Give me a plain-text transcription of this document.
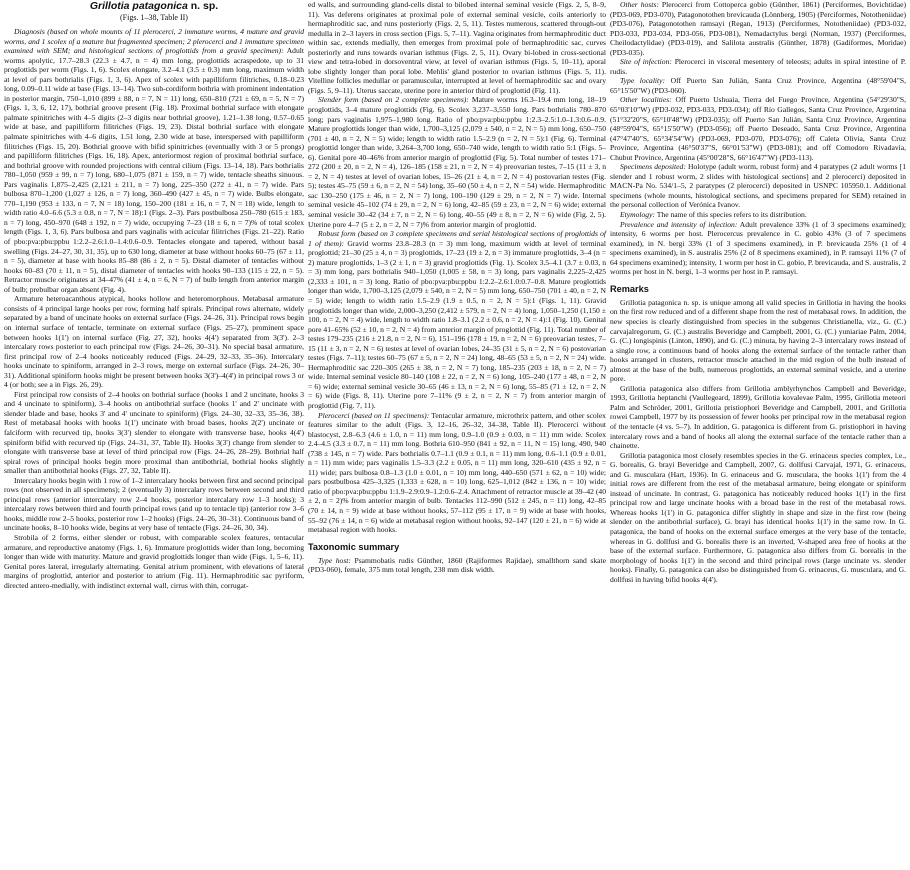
Grillotia patagonica n. sp.
(Figs. 1–38, Table II)

Diagnosis (based on whole mounts of 11 plerocerci, 2 immature worms, 4 mature and gravid worms, and 1 scolex of a mature but fragmented specimen; 2 plerocerci and 1 immature specimen examined with SEM; and histological sections of proglottids from a gravid specimen): Adult worms apolytic, 17.7–28.3 (22.3 ± 4.7, n = 4) mm long, proglottids acraspedote, up to 31 proglottids per worm (Figs. 1, 6). Scolex elongate, 3.2–4.1 (3.5 ± 0.3) mm long, maximum width at level of pars bothrialis (Figs. 1, 3, 6). Apex of scolex with papilliform filitriches, 0.18–0.23 long, 0.09–0.11 wide at base (Figs. 13–14). Two sub-cordiform bothria with prominent indentation in posterior margin, 750–1,010 (899 ± 88, n = 7, N = 11) long, 650–810 (721 ± 69, n = 5, N = 7) (Figs. 1, 3, 6, 12, 17), bothrial groove present (Fig. 18). Proximal bothrial surface with elongate palmate spinitriches with 4–5 digits (2–3 digits near bothrial groove), 1.21–1.38 long, 0.57–0.65 wide at base, and papilliform filitriches (Figs. 19, 23). Distal bothrial surface with elongate palmate spinitriches with 4–6 digits, 1.51 long, 2.30 wide at base, interspersed with papilliform filitriches (Figs. 15, 20). Bothrial groove with bifid spinitriches (eventually with 3 or 5 prongs) and papilliform filitriches (Figs. 16, 18). Apex, anteriormost region of proximal bothrial surface, and bothrial groove with rounded projections with central cilium (Figs. 13–14, 18). Pars bothrialis 780–1,050 (959 ± 99, n = 7) long, 680–1,075 (871 ± 159, n = 7) wide, tentacle sheaths sinuous. Pars vaginalis 1,875–2,425 (2,121 ± 211, n = 7) long, 225–350 (272 ± 41, n = 7) wide. Pars bulbosa 870–1,200 (1,027 ± 126, n = 7) long, 360–490 (427 ± 45, n = 7) wide. Bulbs elongate, 770–1,190 (953 ± 133, n = 7, N = 18) long, 150–200 (181 ± 16, n = 7, N = 18) wide, length to width ratio 4.0–6.6 (5.3 ± 0.8, n = 7, N = 18):1 (Figs. 2–3). Pars postbulbosa 250–780 (615 ± 183, n = 7) long, 450–970 (648 ± 192, n = 7) wide, occupying 7–23 (18 ± 6, n = 7)% of total scolex length (Figs. 1, 3, 6). Pars bulbosa and pars vaginalis with acicular filitriches (Figs. 21–22). Ratio of pbo:pva:pbu:ppbu 1:2.2–2.6:1.0–1.4:0.6–0.9. Tentacles elongate and tapered, without basal swelling (Figs. 24–27, 30, 31, 35), up to 630 long, diameter at base without hooks 60–75 (67 ± 11, n = 5), diameter at base with hooks 85–88 (86 ± 2, n = 5). Distal diameter of tentacles without hooks 60–83 (70 ± 11, n = 5), distal diameter of tentacles with hooks 90–133 (115 ± 22, n = 5). Retractor muscle originates at 34–47% (41 ± 4, n = 6, N = 7) of bulb length from anterior margin of bulb; prebulbar organ absent (Fig. 4).

Armature heteroacanthous atypical, hooks hollow and heteromorphous. Metabasal armature consists of 4 principal large hooks per row, forming half spirals. Principal rows alternate, widely separated by a band of uncinate hooks on external surface (Figs. 24–26, 31). Principal rows begin on internal surface of tentacle, terminate on external surface (Figs. 25–27), prominent space between hooks 1(1') on internal surface (Fig. 27, 32), hooks 4(4') separated from 3(3'). 2–3 intercalary rows posterior to each principal row (Figs. 24–26, 30–31). No special basal armature, first principal row of 2–4 hooks noticeably reduced (Figs. 24–29, 32–33, 35–36). Intercalary hooks uncinate to spiniform, arranged in 2–3 rows, merge on external surface (Figs. 24–26, 30–31). Additional spiniform hooks might be present between hooks 3(3')–4(4') in principal rows 3 or 4 (or both; see a in Figs. 26, 29).

First principal row consists of 2–4 hooks on bothrial surface (hooks 1 and 2 uncinate, hooks 3 and 4 uncinate to spiniform), 3–4 hooks on antibothrial surface (hooks 1' and 2' uncinate with slender blade and base, hooks 3' and 4' uncinate to spiniform) (Figs. 24–30, 32–33, 35–36, 38). Rest of metabasal hooks with hooks 1(1') uncinate with broad bases, hooks 2(2') uncinate or falciform with recurved tip, hooks 3(3') slender to elongate with transverse base, hooks 4(4') spiniform bifid with recurved tip (Figs. 24–31, 37, Table II). Hooks 3(3') change from slender to elongate with transverse base at level of third principal row (Figs. 24–26, 28–29). Bothrial half spiral rows of principal hooks begin more proximal than antibothrial, bothrial hooks slightly smaller than antibothrial hooks (Figs. 27, 32, Table II).

Intercalary hooks begin with 1 row of 1–2 intercalary hooks between first and second principal rows (not observed in all specimens); 2 (eventually 3) intercalary rows between second and third principal rows (anterior intercalary row 2–4 hooks, posterior intercalary row 1–3 hooks); 3 intercalary rows between third and fourth principal rows (and up to tentacle tip) (anterior row 3–6 hooks, middle row 2–5 hooks, posterior row 1–2 hooks) (Figs. 24–26, 30–31). Continuous band of uncinate hooks, 8–10 hooks wide, begins at very base of tentacle (Figs. 24–26, 30, 34).

Strobila of 2 forms, either slender or robust, with comparable scolex features, tentacular armature, and reproductive anatomy (Figs. 1, 6). Immature proglottids wider than long, becoming longer than wide with maturity. Mature and gravid proglottids longer than wide (Figs. 1, 5–6, 11). Genital pores lateral, irregularly alternating. Genital atrium prominent, with elevations of lateral margins of proglottid, anterior and posterior to atrium (Fig. 11). Hermaphroditic sac pyriform, directed antero-medially, with indistinct external wall, cirrus with thin, corrugat-

ed walls, and surrounding gland-cells distal to bilobed internal seminal vesicle (Figs. 2, 5, 8–9, 11). Vas deferens originates at proximal pole of external seminal vesicle, coils anteriorly to hermaphroditic sac, and runs posteriorly (Figs. 2, 5, 11). Testes numerous, scattered through-out medulla in 2–3 layers in cross section (Figs. 5, 7–11). Vagina originates from hermaphroditic duct within sac, extends medially, then emerges from proximal pole of hermaphroditic sac, curves posteriorly and runs towards ovarian isthmus (Figs. 2, 5, 11). Ovary bi-lobed in cross-sectional view and tetra-lobed in dorsoventral view, at level of ovarian isthmus (Figs. 5, 10–11), aporal lobe slightly longer than poral lobe. Mehlis' gland posterior to ovarian isthmus (Figs. 5, 11). Vitelline follicles medullar or paramuscular, interrupted at level of hermaphroditic sac and ovary (Figs. 5, 9–11). Uterus saccate, uterine pore in anterior third of proglottid (Fig. 11).

Slender form (based on 2 complete specimens): Mature worms 16.3–19.4 mm long, 18–19 proglottids, 3–4 mature proglottids (Fig. 6). Scolex 3,237–3,550 long. Pars bothrialis 780–870 long; pars vaginalis 1,975–1,980 long. Ratio of pbo:pva:pbu:ppbu 1:2.3–2.5:1.0–1.3:0.6–0.9. Mature proglottids longer than wide, 1,700–3,125 (2,079 ± 540, n = 2, N = 5) mm long, 650–750 (701 ± 40, n = 2, N = 5) wide; length to width ratio 1.5–2.9 (n = 2, N = 5):1 (Fig. 6). Terminal proglottid longer than wide, 3,264–3,700 long, 650–740 wide, length to width ratio 5:1 (Figs. 5–6). Genital pore 40–46% from anterior margin of proglottid (Fig. 5). Total number of testes 171–272 (200 ± 20, n = 2, N = 4), 126–185 (158 ± 21, n = 2, N = 4) preovarian testes, 7–15 (11 ± 3, n = 2, N = 4) testes at level of ovarian lobes, 15–26 (21 ± 4, n = 2, N = 4) postovarian testes (Fig. 5); testes 45–75 (59 ± 6, n = 2, N = 54) long, 35–60 (50 ± 4, n = 2, N = 54) wide. Hermaphroditic sac 130–250 (175 ± 46, n = 2, N = 7) long, 100–190 (129 ± 29, n = 2, N = 7) wide. Internal seminal vesicle 45–102 (74 ± 29, n = 2, N = 6) long, 42–85 (59 ± 23, n = 2, N = 6) wide; external seminal vesicle 30–42 (34 ± 7, n = 2, N = 6) long, 40–55 (49 ± 8, n = 2, N = 6) wide (Fig. 2, 5). Uterine pore 4–7 (5 ± 2, n = 2, N = 7)% from anterior margin of proglottid.

Robust form (based on 3 complete specimens and serial histological sections of proglottids of 1 of them): Gravid worms 23.8–28.3 (n = 3) mm long, maximum width at level of terminal proglottid; 21–30 (25 ± 4, n = 3) proglottids, 17–23 (19 ± 2, n = 3) immature proglottids, 3–4 (n = 2) mature proglottids, 1–3 (2 ± 1, n = 3) gravid proglottids (Fig. 1). Scolex 3.5–4.1 (3.7 ± 0.03, n = 3) mm long, pars bothrialis 940–1,050 (1,005 ± 58, n = 3) long, pars vaginalis 2,225–2,425 (2,333 ± 101, n = 3) long. Ratio of pbo:pva:pbu:ppbu 1:2.2–2.6:1.0:0.7–0.8. Mature proglottids longer than wide, 1,700–3,125 (2,079 ± 540, n = 2, N = 5) mm long, 650–750 (701 ± 40, n = 2, N = 5) wide; length to width ratio 1.5–2.9 (1.9 ± 0.5, n = 2, N = 5):1 (Figs. 1, 11). Gravid proglottids longer than wide, 2,000–3,250 (2,412 ± 579, n = 2, N = 4) long, 1,050–1,250 (1,150 ± 100, n = 2, N = 4) wide, length to width ratio 1.8–3.1 (2.2 ± 0.6, n = 2, N = 4):1 (Fig. 10). Genital pore 41–65% (52 ± 10, n = 2, N = 4) from anterior margin of proglottid (Fig. 11). Total number of testes 179–235 (216 ± 21.8, n = 2, N = 6), 151–196 (178 ± 19, n = 2, N = 6) preovarian testes, 7–15 (11 ± 3, n = 2, N = 6) testes at level of ovarian lobes, 24–35 (31 ± 5, n = 2, N = 6) postovarian testes (Figs. 7–11); testes 60–75 (67 ± 5, n = 2, N = 24) long, 48–65 (53 ± 5, n = 2, N = 24) wide. Hermaphroditic sac 220–305 (265 ± 38, n = 2, N = 7) long, 185–235 (203 ± 18, n = 2, N = 7) wide. Internal seminal vesicle 80–140 (108 ± 22, n = 2, N = 6) long, 105–240 (177 ± 48, n = 2, N = 6) wide; external seminal vesicle 30–65 (46 ± 13, n = 2, N = 6) long, 55–85 (71 ± 12, n = 2, N = 6) wide (Figs. 8, 11). Uterine pore 7–11% (9 ± 2, n = 2, N = 7) from anterior margin of proglottid (Fig. 7, 11).

Plerocerci (based on 11 specimens): Tentacular armature, microthrix pattern, and other scolex features similar to the adult (Figs. 3, 12–16, 26–32, 34–38, Table II). Plerocerci without blastocyst, 2.8–6.3 (4.6 ± 1.0, n = 11) mm long, 0.9–1.0 (0.9 ± 0.03, n = 11) mm wide. Scolex 2.4–4.5 (3.3 ± 0.7, n = 11) mm long. Bothria 610–950 (841 ± 92, n = 11, N = 15) long, 490, 940 (738 ± 145, n = 7) wide. Pars bothrialis 0.7–1.1 (0.9 ± 0.1, n = 11) mm long, 0.6–1.1 (0.9 ± 0.01, n = 11) mm wide; pars vaginalis 1.5–3.3 (2.2 ± 0.05, n = 11) mm long, 320–610 (435 ± 92, n = 11) wide; pars bulbosa 0.8–1.3 (1.0 ± 0.01, n = 10) mm long, 440–650 (571 ± 62, n = 10) wide; pars postbulbosa 425–3,325 (1,333 ± 628, n = 10) long, 625–1,012 (842 ± 136, n = 10) wide; ratio of pbo:pva:pbu:ppbu 1:1.9–2.9:0.9–1.2:0.6–2.4. Attachment of retractor muscle at 39–42 (40 ± 2, n = 2)% from anterior margin of bulb. Tentacles 112–990 (512 ± 245, n = 11) long, 42–85 (70 ± 14, n = 9) wide at base without hooks, 57–112 (95 ± 17, n = 9) wide at base with hooks, 55–92 (76 ± 14, n = 6) wide at metabasal region without hooks, 92–147 (120 ± 21, n = 6) wide at metabasal region with hooks.

Taxonomic summary

Type host: Psammobatis rudis Günther, 1860 (Rajiformes Rajidae), smallthorn sand skate (PD3-060), female, 375 mm total length, 238 mm disk width.

Other hosts: Plerocerci from Cottoperca gobio (Günther, 1861) (Perciformes, Bovichtidae) (PD3-069, PD3-070), Patagonotothen brevicauda (Lönnberg, 1905) (Perciformes, Nototheniidae) (PD3-076), Patagonotothen ramsayi (Regan, 1913) (Perciformes, Nototheniidae) (PD3-032, PD3-033, PD3-034, PD3-056, PD3-081), Nemadactylus bergi (Norman, 1937) (Perciformes, Cheilodactylidae) (PD3-019), and Salilota australis (Günther, 1878) (Gadiformes, Moridae) (PD3-035).

Site of infection: Plerocerci in visceral mesentery of teleosts; adults in spiral intestine of P. rudis.

Type locality: Off Puerto San Julián, Santa Cruz Province, Argentina (48°59'04"S, 65°15'50"W) (PD3-060).

Other localities: Off Puerto Ushuaia, Tierra del Fuego Province, Argentina (54°29'30"S, 65°03'10"W) (PD3-032, PD3-033, PD3-034); off Río Gallegos, Santa Cruz Province, Argentina (51°32'20"S, 65°10'48"W) (PD3-035); off Puerto San Julián, Santa Cruz Province, Argentina (48°59'04"S, 65°15'50"W) (PD3-056); off Puerto Deseado, Santa Cruz Province, Argentina (47°47'40"S, 65°34'54"W) (PD3-069, PD3-070, PD3-076); off Caleta Olivia, Santa Cruz Province, Argentina (46°50'37"S, 66°01'53"W) (PD3-081); and off Comodoro Rivadavia, Chubut Province, Argentina (45°00'28"S, 66°16'47"W) (PD3-113).

Specimens deposited: Holotype (adult worm, robust form) and 4 paratypes (2 adult worms [1 slender and 1 robust worm, 2 slides with histological sections] and 2 plerocerci) deposited in MACN-Pa No. 534/1–5, 2 paratypes (2 plerocerci) deposited in USNPC 105950.1. Additional specimens (whole mounts, histological sections, and specimens prepared for SEM) retained in the personal collection of Verónica Ivanov.

Etymology: The name of this species refers to its distribution.

Prevalence and intensity of infection: Adult prevalence 33% (1 of 3 specimens examined); intensity, 6 worms per host. Plerocercus prevalence in C. gobio 43% (3 of 7 specimens examined), in N. bergi 33% (1 of 3 specimens examined), in P. brevicauda 25% (1 of 4 specimens examined), in S. australis 25% (2 of 8 specimens examined), in P. ramsayi 11% (7 of 64 specimens examined); intensity, 1 worm per host in C. gobio, P. brevicauda, and S. australis, 2 worms per host in N. bergi, 1–3 worms per host in P. ramsayi.

Remarks

Grillotia patagonica n. sp. is unique among all valid species in Grillotia in having the hooks on the first row reduced and of a different shape from the rest of metabasal rows. In addition, the new species is clearly distinguished from species in the subgenus Christianella, viz., G. (C.) carvajalregorum, G. (C.) australis Beveridge and Campbell, 2001, G. (C.) yuniariae Palm, 2004, G. (C.) longispinis (Linton, 1890), and G. (C.) minuta, by having 2–3 intercalary rows instead of a single row, a continuous band of hooks along the external surface of the tentacle rather than hooks arranged in clusters, retractor muscle attached in the mid region of the bulb instead of almost at the base of the bulb, numerous proglottids, an external seminal vesicle, and a uterine pore.

Grillotia patagonica also differs from Grillotia amblyrhynchos Campbell and Beveridge, 1993, Grillotia heptanchi (Vaullegeard, 1899), Grillotia kovalevae Palm, 1995, Grillotia meteori Palm and Schröder, 2001, Grillotia pristiophori Beveridge and Campbell, 2001, and Grillotia rowei Campbell, 1977 by its possession of fewer hooks per principal row in the metabasal region of the tentacle (4 vs. 5–7). In addition, G. patagonica is different from G. pristiophori in having intercalary rows and a band of hooks all along the external surface of the tentacle rather than a chainette.

Grillotia patagonica most closely resembles species in the G. erinaceus species complex, i.e., G. borealis, G. brayi Beveridge and Campbell, 2007, G. dollfusi Carvajal, 1971, G. erinaceus, and G. musculara (Hart, 1936). In G. erinaceus and G. musculara, the hooks 1(1') from the 4 initial rows are different from the rest of the metabasal armature, being elongate or spiniform instead of uncinate. In contrast, G. patagonica has noticeably reduced hooks 1(1') in the first principal row and large uncinate hooks with a broad base in the rest of the metabasal rows. Whereas hooks 1(1') in G. patagonica differ slightly in shape and size in the first row (being slender on the antibothrial surface), G. brayi has identical hooks 1(1') in the same row. In G. patagonica, the band of hooks on the external surface emerges at the very base of the tentacle, whereas in G. dollfusi and G. borealis there is an inverted, V-shaped area free of hooks at the base of the external surface. Furthermore, G. patagonica also differs from G. borealis in the morphology of hooks 1(1') in the second and third principal rows (large uncinate vs. slender hooks). Finally, G. patagonica can also be distinguished from G. erinaceus, G. musculara, and G. dollfusi in having bifid hooks 4(4').
